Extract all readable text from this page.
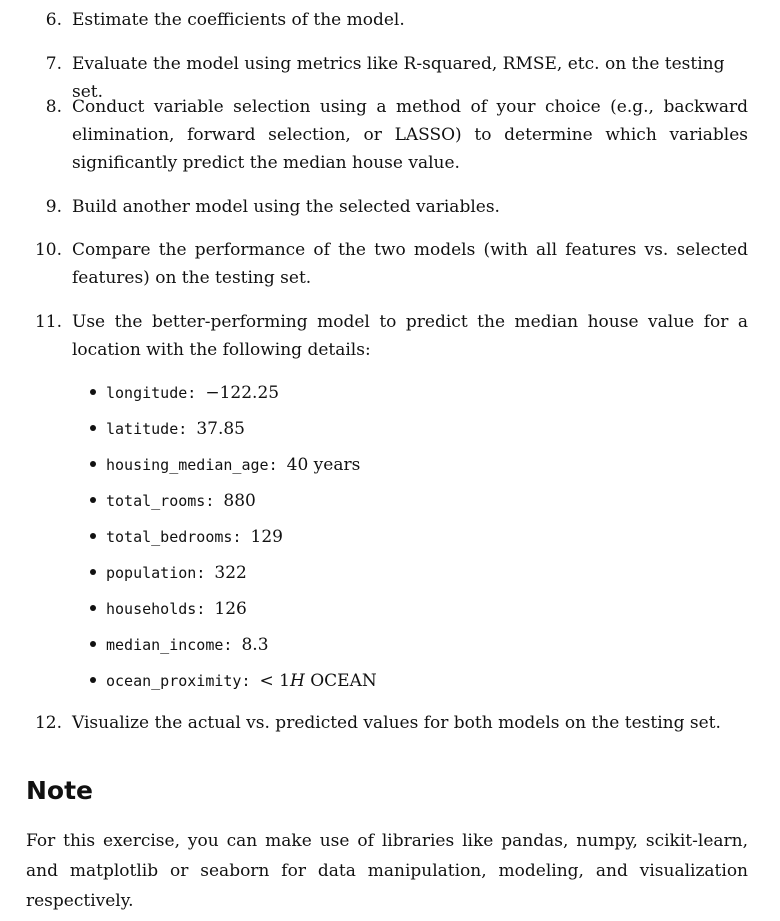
6. Estimate the coefficients of the model.
7. Evaluate the model using metrics like R-squared, RMSE, etc. on the testing set.
8. Conduct variable selection using a method of your choice (e.g., backward elimination, forward selection, or LASSO) to determine which variables significantly predict the median house value.
9. Build another model using the selected variables.
10. Compare the performance of the two models (with all features vs. selected features) on the testing set.
11. Use the better-performing model to predict the median house value for a location with the following details:
longitude: −122.25
latitude: 37.85
housing_median_age: 40 years
total_rooms: 880
total_bedrooms: 129
population: 322
households: 126
median_income: 8.3
ocean_proximity: < 1H OCEAN
12. Visualize the actual vs. predicted values for both models on the testing set.
Note
For this exercise, you can make use of libraries like pandas, numpy, scikit-learn, and matplotlib or seaborn for data manipulation, modeling, and visualization respectively.
